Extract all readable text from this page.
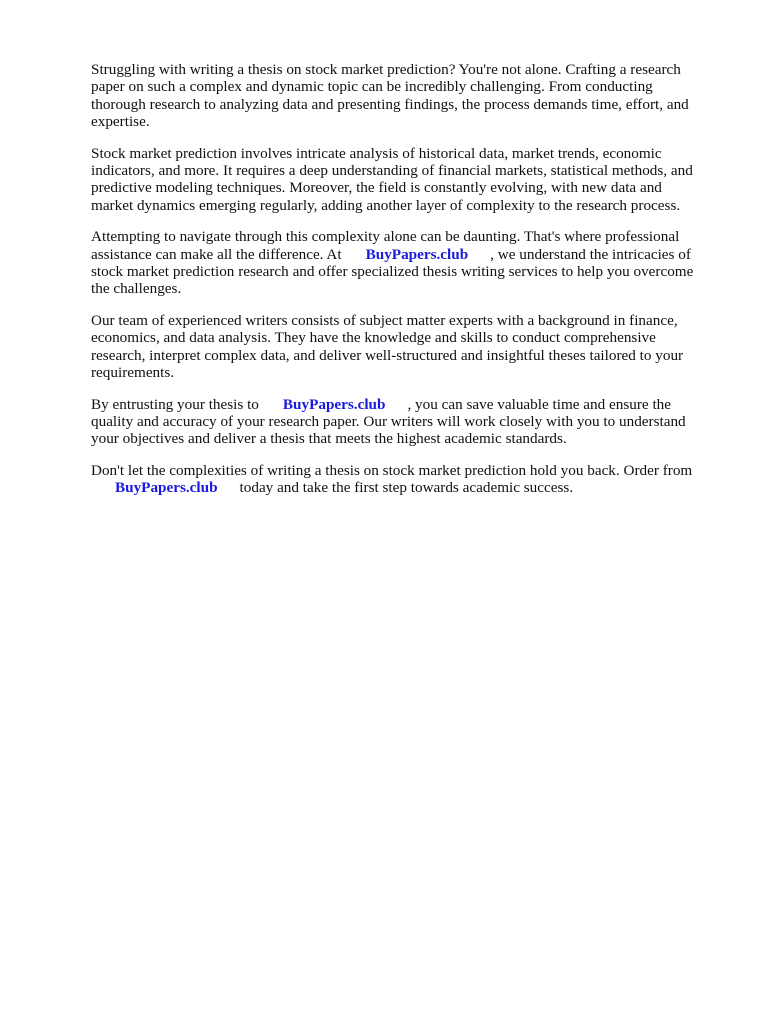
Struggling with writing a thesis on stock market prediction? You're not alone. Crafting a research
paper on such a complex and dynamic topic can be incredibly challenging. From conducting
thorough research to analyzing data and presenting findings, the process demands time, effort, and
expertise.

Stock market prediction involves intricate analysis of historical data, market trends, economic
indicators, and more. It requires a deep understanding of financial markets, statistical methods, and
predictive modeling techniques. Moreover, the field is constantly evolving, with new data and
market dynamics emerging regularly, adding another layer of complexity to the research process.

Attempting to navigate through this complexity alone can be daunting. That's where professional
assistance can make all the difference. At BuyPapers.club , we understand the intricacies of
stock market prediction research and offer specialized thesis writing services to help you overcome
the challenges.

Our team of experienced writers consists of subject matter experts with a background in finance,
economics, and data analysis. They have the knowledge and skills to conduct comprehensive
research, interpret complex data, and deliver well-structured and insightful theses tailored to your
requirements.

By entrusting your thesis to BuyPapers.club , you can save valuable time and ensure the
quality and accuracy of your research paper. Our writers will work closely with you to understand
your objectives and deliver a thesis that meets the highest academic standards.

Don't let the complexities of writing a thesis on stock market prediction hold you back. Order from
BuyPapers.club today and take the first step towards academic success.
